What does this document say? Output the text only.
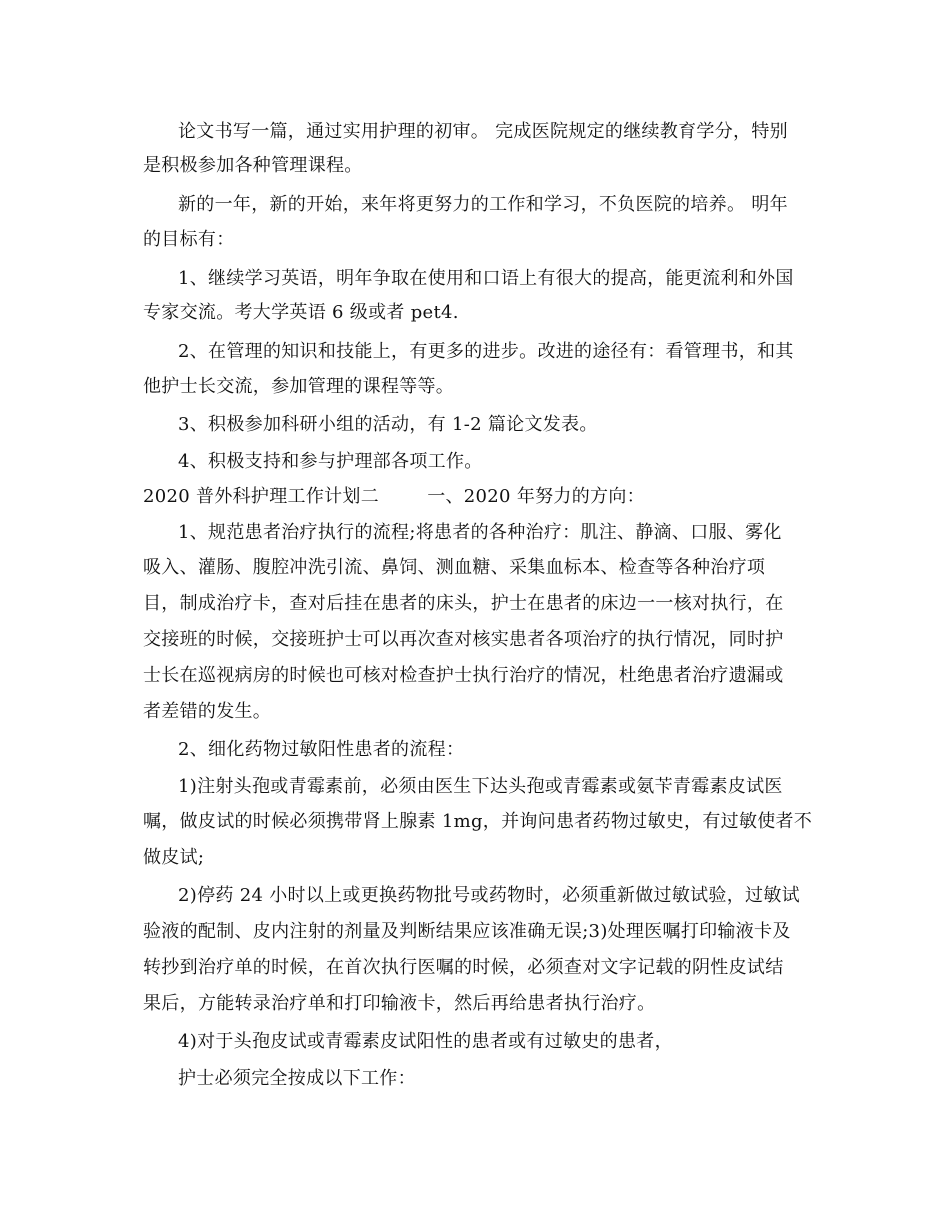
论文书写一篇，通过实用护理的初审。 完成医院规定的继续教育学分，特别

是积极参加各种管理课程。

新的一年，新的开始，来年将更努力的工作和学习，不负医院的培养。 明年

的目标有：

1、继续学习英语，明年争取在使用和口语上有很大的提高，能更流利和外国

专家交流。考大学英语 6 级或者 pet4.

2、在管理的知识和技能上，有更多的进步。改进的途径有：看管理书，和其

他护士长交流，参加管理的课程等等。

3、积极参加科研小组的活动，有 1-2 篇论文发表。

4、积极支持和参与护理部各项工作。

2020 普外科护理工作计划二        一、2020 年努力的方向：

1、规范患者治疗执行的流程;将患者的各种治疗：肌注、静滴、口服、雾化

吸入、灌肠、腹腔冲洗引流、鼻饲、测血糖、采集血标本、检查等各种治疗项

目，制成治疗卡，查对后挂在患者的床头，护士在患者的床边一一核对执行，在

交接班的时候，交接班护士可以再次查对核实患者各项治疗的执行情况，同时护

士长在巡视病房的时候也可核对检查护士执行治疗的情况，杜绝患者治疗遗漏或

者差错的发生。

2、细化药物过敏阳性患者的流程：

1)注射头孢或青霉素前，必须由医生下达头孢或青霉素或氨苄青霉素皮试医

嘱，做皮试的时候必须携带肾上腺素 1mg，并询问患者药物过敏史，有过敏使者不

做皮试;

2)停药 24 小时以上或更换药物批号或药物时，必须重新做过敏试验，过敏试

验液的配制、皮内注射的剂量及判断结果应该准确无误;3)处理医嘱打印输液卡及

转抄到治疗单的时候，在首次执行医嘱的时候，必须查对文字记载的阴性皮试结

果后，方能转录治疗单和打印输液卡，然后再给患者执行治疗。

4)对于头孢皮试或青霉素皮试阳性的患者或有过敏史的患者，

护士必须完全按成以下工作：
